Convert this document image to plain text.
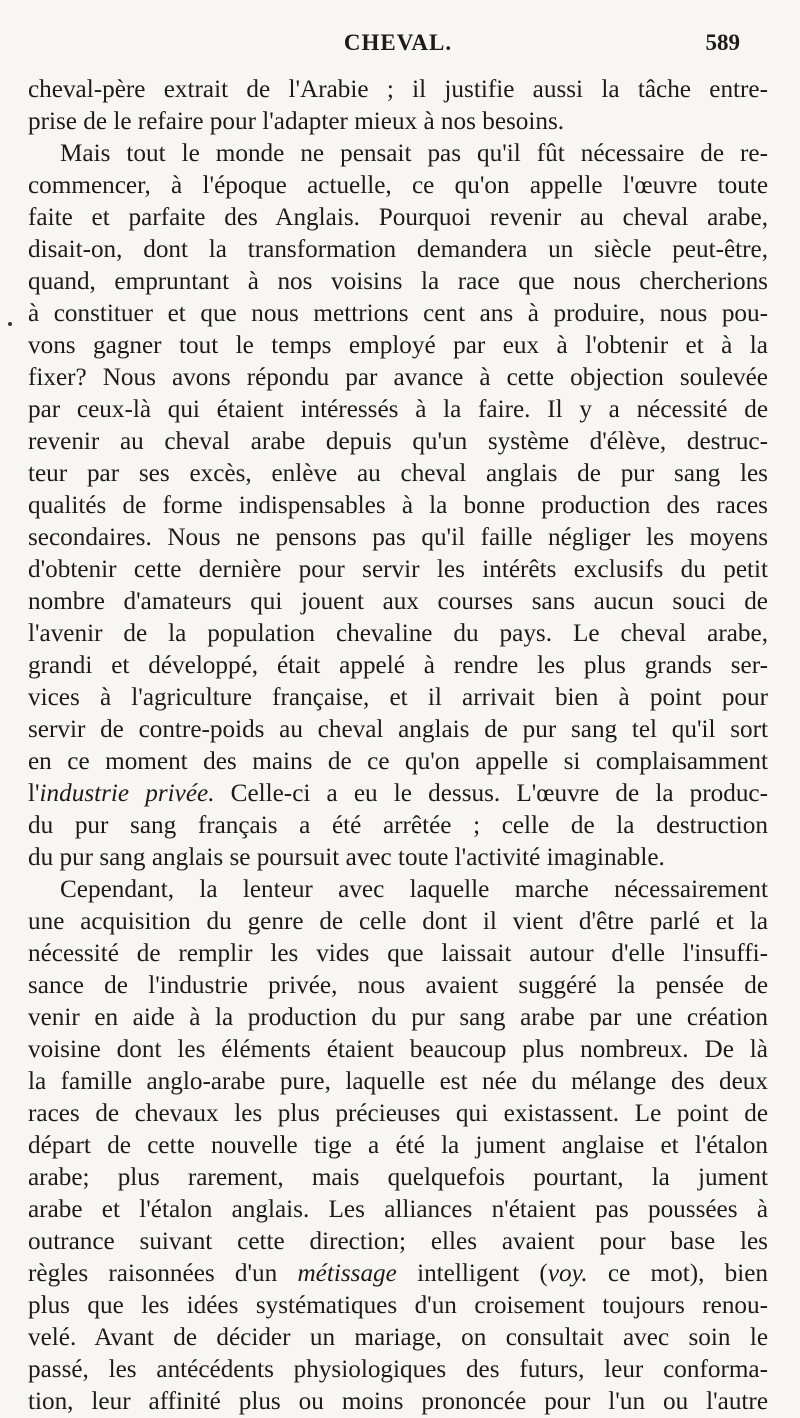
CHEVAL.	589
cheval-père extrait de l'Arabie ; il justifie aussi la tâche entre-
prise de le refaire pour l'adapter mieux à nos besoins.
Mais tout le monde ne pensait pas qu'il fût nécessaire de re-
commencer, à l'époque actuelle, ce qu'on appelle l'œuvre toute
faite et parfaite des Anglais. Pourquoi revenir au cheval arabe,
disait-on, dont la transformation demandera un siècle peut-être,
quand, empruntant à nos voisins la race que nous chercherions
à constituer et que nous mettrions cent ans à produire, nous pou-
vons gagner tout le temps employé par eux à l'obtenir et à la
fixer? Nous avons répondu par avance à cette objection soulevée
par ceux-là qui étaient intéressés à la faire. Il y a nécessité de
revenir au cheval arabe depuis qu'un système d'élève, destruc-
teur par ses excès, enlève au cheval anglais de pur sang les
qualités de forme indispensables à la bonne production des races
secondaires. Nous ne pensons pas qu'il faille négliger les moyens
d'obtenir cette dernière pour servir les intérêts exclusifs du petit
nombre d'amateurs qui jouent aux courses sans aucun souci de
l'avenir de la population chevaline du pays. Le cheval arabe,
grandi et développé, était appelé à rendre les plus grands ser-
vices à l'agriculture française, et il arrivait bien à point pour
servir de contre-poids au cheval anglais de pur sang tel qu'il sort
en ce moment des mains de ce qu'on appelle si complaisamment
l'industrie privée. Celle-ci a eu le dessus. L'œuvre de la produc-
du pur sang français a été arrêtée ; celle de la destruction
du pur sang anglais se poursuit avec toute l'activité imaginable.
Cependant, la lenteur avec laquelle marche nécessairement
une acquisition du genre de celle dont il vient d'être parlé et la
nécessité de remplir les vides que laissait autour d'elle l'insuffi-
sance de l'industrie privée, nous avaient suggéré la pensée de
venir en aide à la production du pur sang arabe par une création
voisine dont les éléments étaient beaucoup plus nombreux. De là
la famille anglo-arabe pure, laquelle est née du mélange des deux
races de chevaux les plus précieuses qui existassent. Le point de
départ de cette nouvelle tige a été la jument anglaise et l'étalon
arabe; plus rarement, mais quelquefois pourtant, la jument
arabe et l'étalon anglais. Les alliances n'étaient pas poussées à
outrance suivant cette direction; elles avaient pour base les
règles raisonnées d'un métissage intelligent (voy. ce mot), bien
plus que les idées systématiques d'un croisement toujours renou-
velé. Avant de décider un mariage, on consultait avec soin le
passé, les antécédents physiologiques des futurs, leur conforma-
tion, leur affinité plus ou moins prononcée pour l'un ou l'autre
